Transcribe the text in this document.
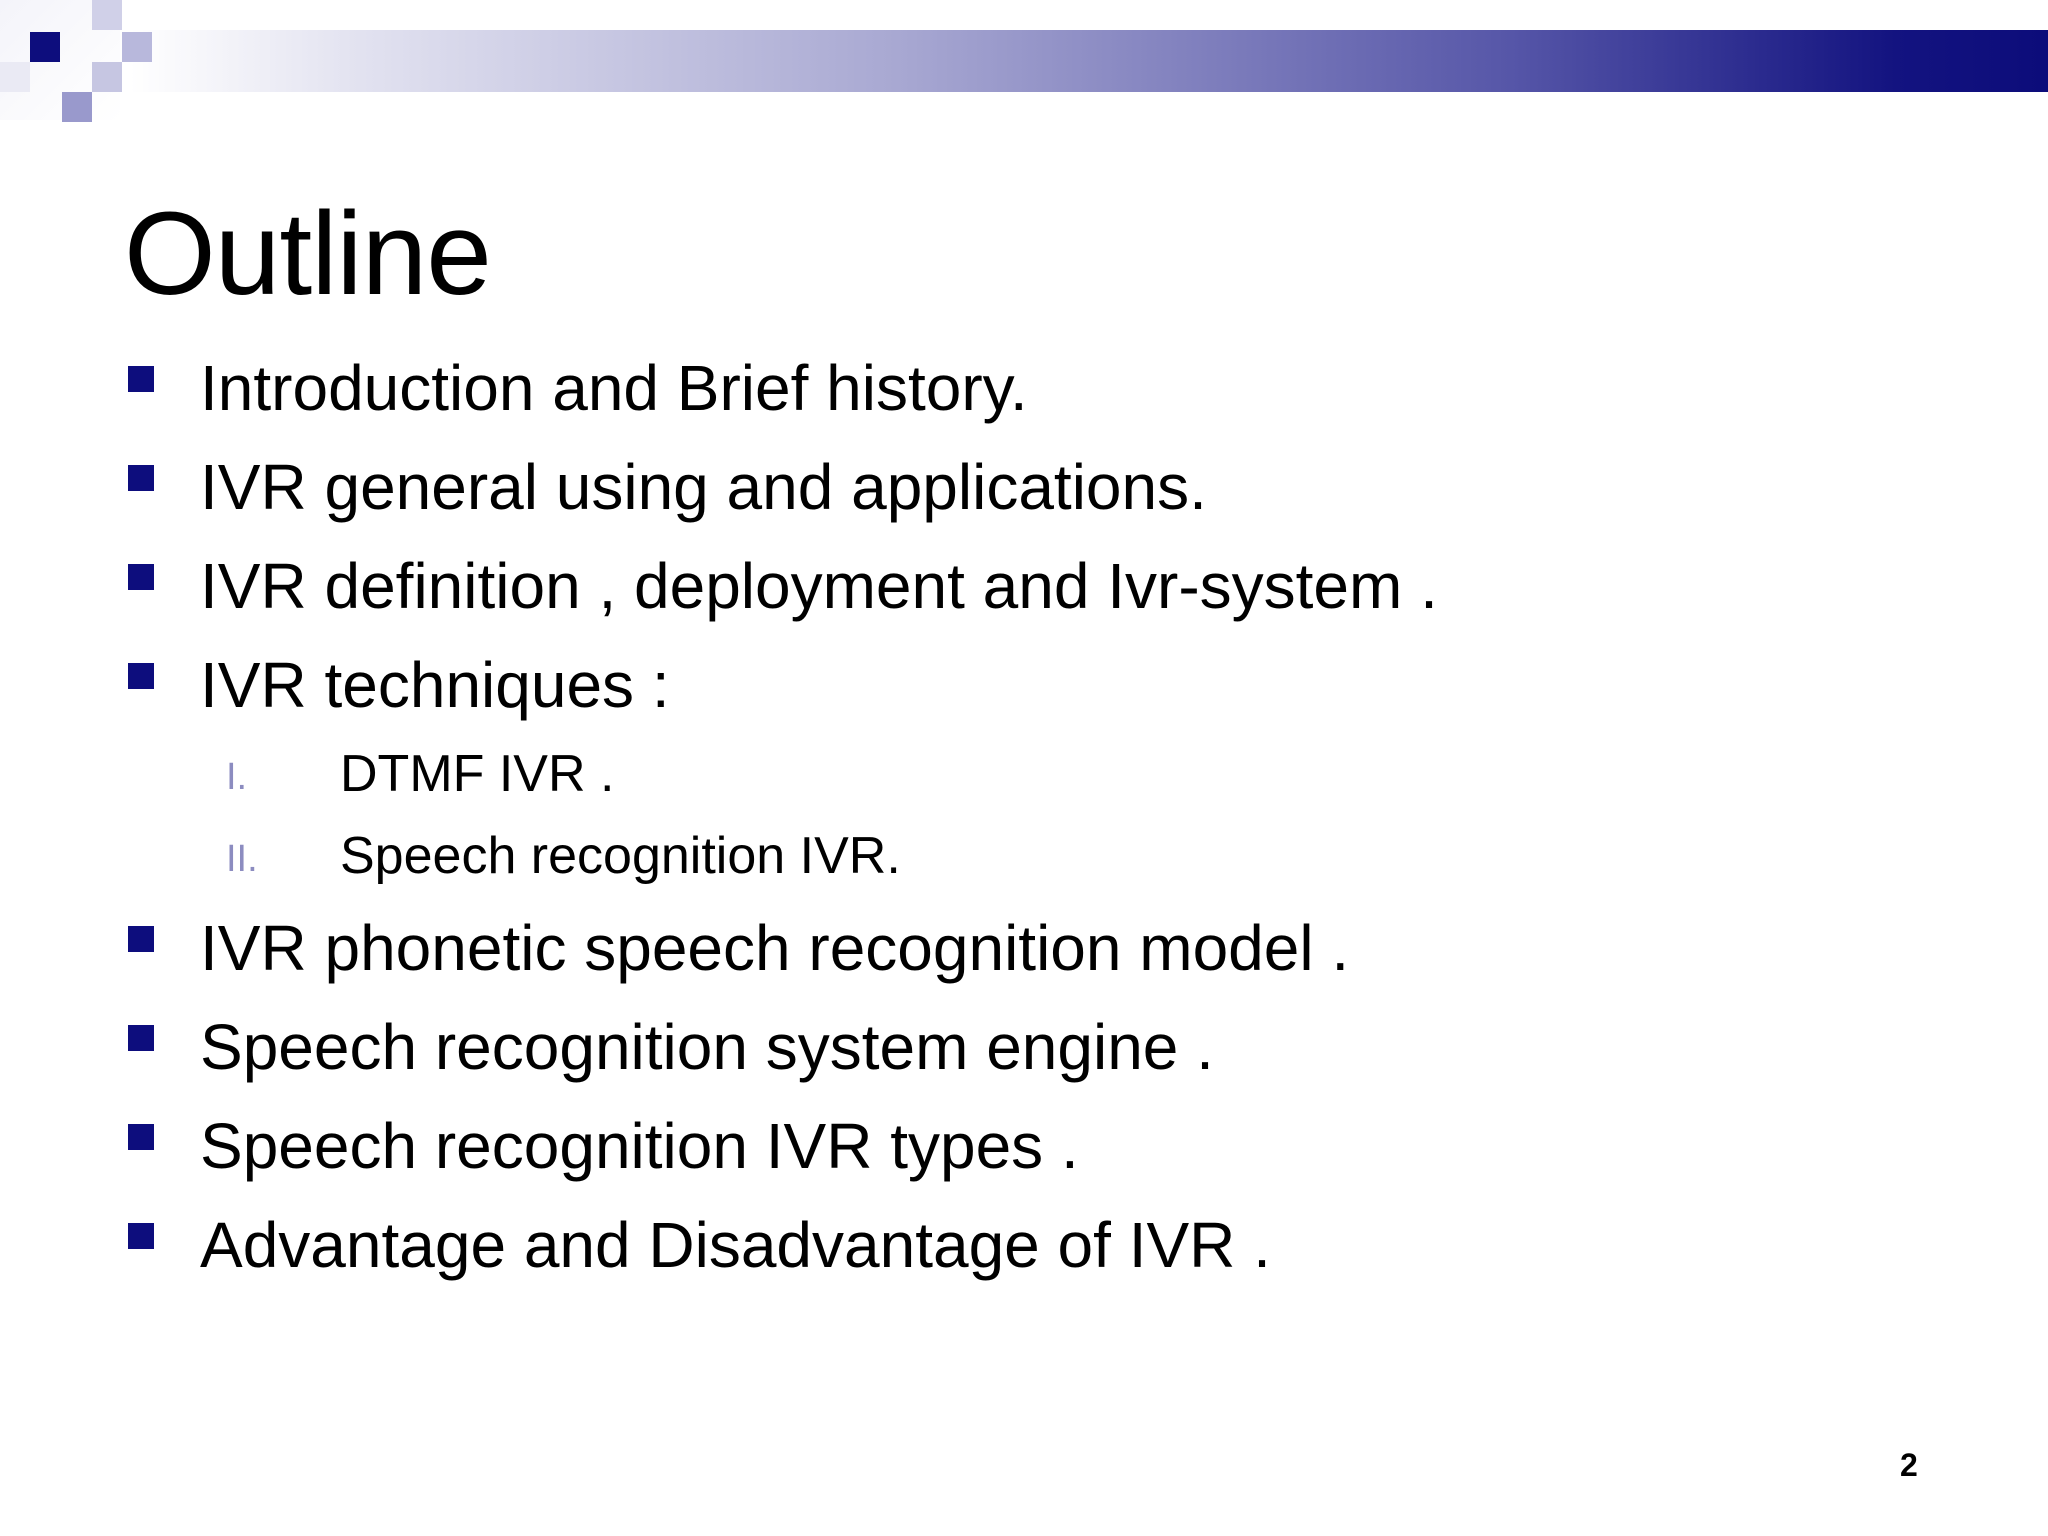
Outline
Introduction and Brief history.
IVR general using and applications.
IVR definition , deployment and Ivr-system .
IVR techniques :
I. DTMF IVR .
II. Speech recognition IVR.
IVR phonetic speech recognition model .
Speech recognition system engine .
Speech recognition IVR types .
Advantage and Disadvantage of IVR .
2
